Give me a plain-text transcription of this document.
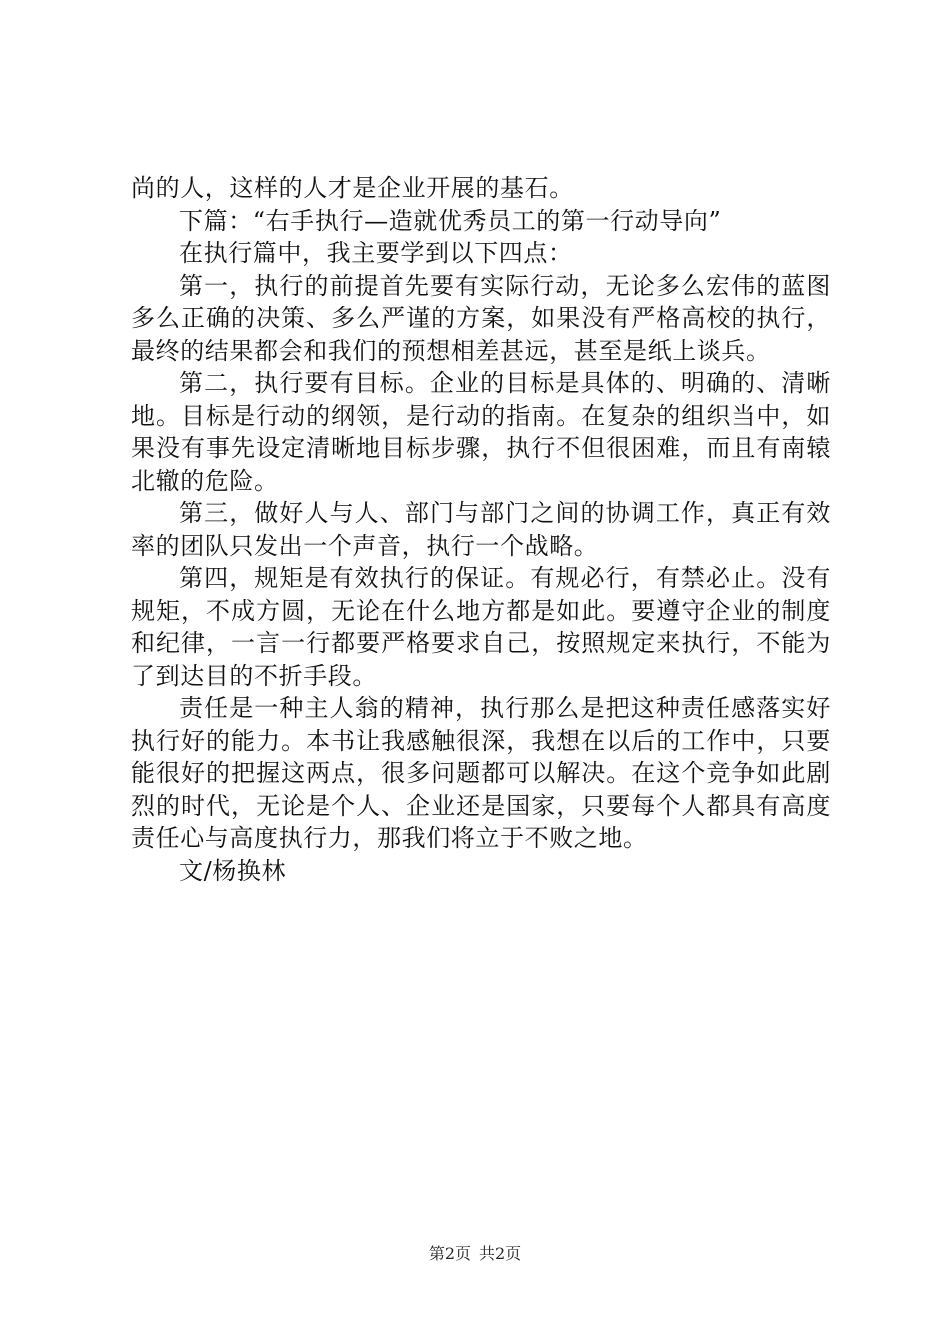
尚的人，这样的人才是企业开展的基石。

下篇：“右手执行—造就优秀员工的第一行动导向”

在执行篇中，我主要学到以下四点：

第一，执行的前提首先要有实际行动，无论多么宏伟的蓝图多么正确的决策、多么严谨的方案，如果没有严格高校的执行，最终的结果都会和我们的预想相差甚远，甚至是纸上谈兵。

第二，执行要有目标。企业的目标是具体的、明确的、清晰地。目标是行动的纲领，是行动的指南。在复杂的组织当中，如果没有事先设定清晰地目标步骤，执行不但很困难，而且有南辕北辙的危险。

第三，做好人与人、部门与部门之间的协调工作，真正有效率的团队只发出一个声音，执行一个战略。

第四，规矩是有效执行的保证。有规必行，有禁必止。没有规矩，不成方圆，无论在什么地方都是如此。要遵守企业的制度和纪律，一言一行都要严格要求自己，按照规定来执行，不能为了到达目的不折手段。

责任是一种主人翁的精神，执行那么是把这种责任感落实好执行好的能力。本书让我感触很深，我想在以后的工作中，只要能很好的把握这两点，很多问题都可以解决。在这个竞争如此剧烈的时代，无论是个人、企业还是国家，只要每个人都具有高度责任心与高度执行力，那我们将立于不败之地。

文/杨换林

第2页 共2页
